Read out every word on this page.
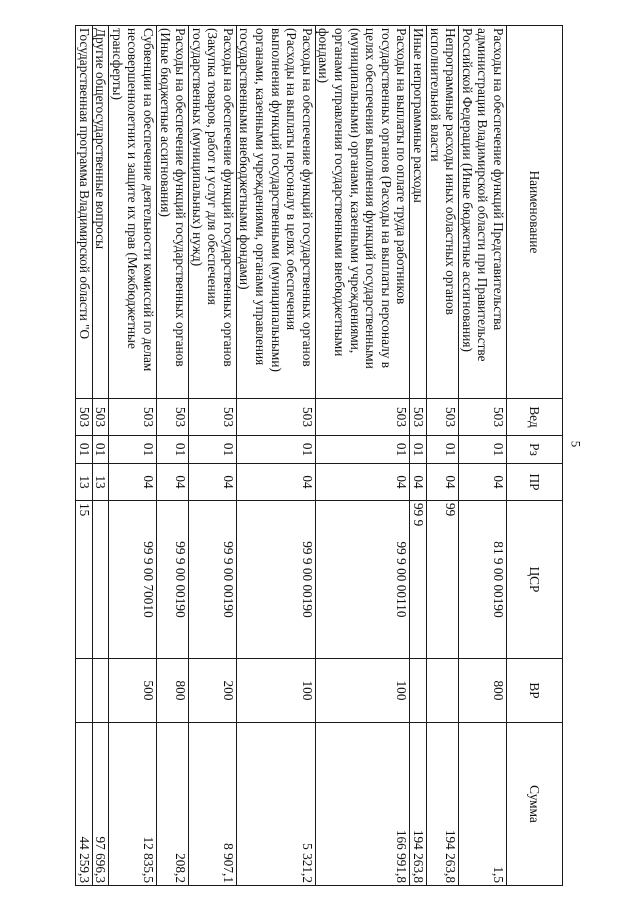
5
Наименование	Вед	Рз	ПР	ЦСР	ВР	Сумма
Расходы на обеспечение функций Представительства администрации Владимирской области при Правительстве Российской Федерации (Иные бюджетные ассигнования)	503	01	04	81 9 00 00190	800	1,5
Непрограммные расходы иных областных органов исполнительной власти	503	01	04	99		194 263,8
Иные непрограммные расходы	503	01	04	99 9		194 263,8
Расходы на выплаты по оплате труда работников государственных органов (Расходы на выплаты персоналу в целях обеспечения выполнения функций государственными (муниципальными) органами, казенными учреждениями, органами управления государственными внебюджетными фондами)	503	01	04	99 9 00 00110	100	166 991,8
Расходы на обеспечение функций государственных органов (Расходы на выплаты персоналу в целях обеспечения выполнения функций государственными (муниципальными) органами, казенными учреждениями, органами управления государственными внебюджетными фондами)	503	01	04	99 9 00 00190	100	5 321,2
Расходы на обеспечение функций государственных органов (Закупка товаров, работ и услуг для обеспечения государственных (муниципальных) нужд)	503	01	04	99 9 00 00190	200	8 907,1
Расходы на обеспечение функций государственных органов (Иные бюджетные ассигнования)	503	01	04	99 9 00 00190	800	208,2
Субвенции на обеспечение деятельности комиссий по делам несовершеннолетних и защите их прав (Межбюджетные трансферты)	503	01	04	99 9 00 70010	500	12 835,5
Другие общегосударственные вопросы	503	01	13			97 696,3
Государственная программа Владимирской области "О	503	01	13	15		44 259,3
